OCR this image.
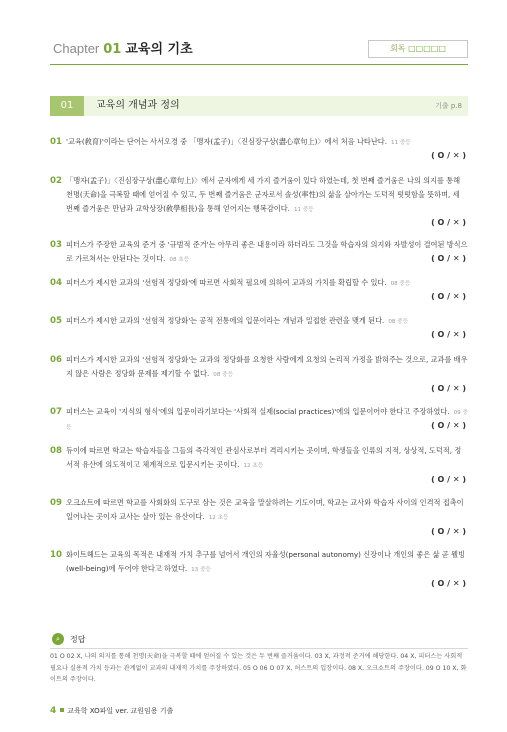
Chapter 01 교육의 기초	회독 □□□□□
01	교육의 개념과 정의	기출 p.8
01 '교육(敎育)'이라는 단어는 사서오경 중 「맹자(孟子)」〈진심장구상(盡心章句上)〉에서 처음 나타난다. 11 중등
( O / ✕ )
02 「맹자(孟子)」〈진심장구상(盡心章句上)〉에서 군자에게 세 가지 즐거움이 있다 하였는데, 첫 번째 즐거움은 나의 의지를 통해 천명(天命)을 극복할 때에 얻어질 수 있고, 두 번째 즐거움은 군자로서 솔성(率性)의 삶을 살아가는 도덕적 떳떳함을 뜻하며, 세 번째 즐거움은 만남과 교학상장(敎學相長)을 통해 얻어지는 행복감이다. 11 중등
( O / ✕ )
03 피터스가 주장한 교육의 준거 중 '규범적 준거'는 아무리 좋은 내용이라 하더라도 그것을 학습자의 의지와 자발성이 결여된 방식으로 가르쳐서는 안된다는 것이다. 08 초등	( O / ✕ )
04 피터스가 제시한 교과의 '선험적 정당화'에 따르면 사회적 필요에 의하여 교과의 가치를 확립할 수 있다. 08 중등
( O / ✕ )
05 피터스가 제시한 교과의 '선험적 정당화'는 공적 전통에의 입문이라는 개념과 밀접한 관련을 맺게 된다. 08 중등
( O / ✕ )
06 피터스가 제시한 교과의 '선험적 정당화'는 교과의 정당화를 요청한 사람에게 요청의 논리적 가정을 밝혀주는 것으로, 교과를 배우지 않은 사람은 정당화 문제를 제기할 수 없다. 08 중등
( O / ✕ )
07 피터스는 교육이 '지식의 형식'에의 입문이라기보다는 '사회적 실제(social practices)'에의 입문이어야 한다고 주장하였다. 09 중등	( O / ✕ )
08 듀이에 따르면 학교는 학습자들을 그들의 즉각적인 관심사로부터 격리시키는 곳이며, 학생들을 인류의 지적, 상상적, 도덕적, 정서적 유산에 의도적이고 체계적으로 입문시키는 곳이다. 12 초등
( O / ✕ )
09 오크쇼트에 따르면 학교를 사회화의 도구로 삼는 것은 교육을 말살하려는 기도이며, 학교는 교사와 학습자 사이의 인격적 접촉이 일어나는 곳이자 교사는 살아 있는 유산이다. 12 초등
( O / ✕ )
10 화이트헤드는 교육의 목적은 내재적 가치 추구를 넘어서 개인의 자율성(personal autonomy) 신장이나 개인의 좋은 삶 곧 웰빙(well-being)에 두어야 한다고 하였다. 13 중등
( O / ✕ )
⌕	정답
01 O 02 X, 나의 의지를 통해 천명(天命)을 극복할 때에 얻어질 수 있는 것은 두 번째 즐거움이다. 03 X, 과정적 준거에 해당한다. 04 X, 피터스는 사회적 필요나 실용적 가치 등과는 관계없이 교과의 내재적 가치를 주장하였다. 05 O 06 O 07 X, 허스트의 입장이다. 08 X, 오크쇼트의 주장이다. 09 O 10 X, 화이트의 주장이다.
4 교육학 XO파일 ver. 교원임용 기출
